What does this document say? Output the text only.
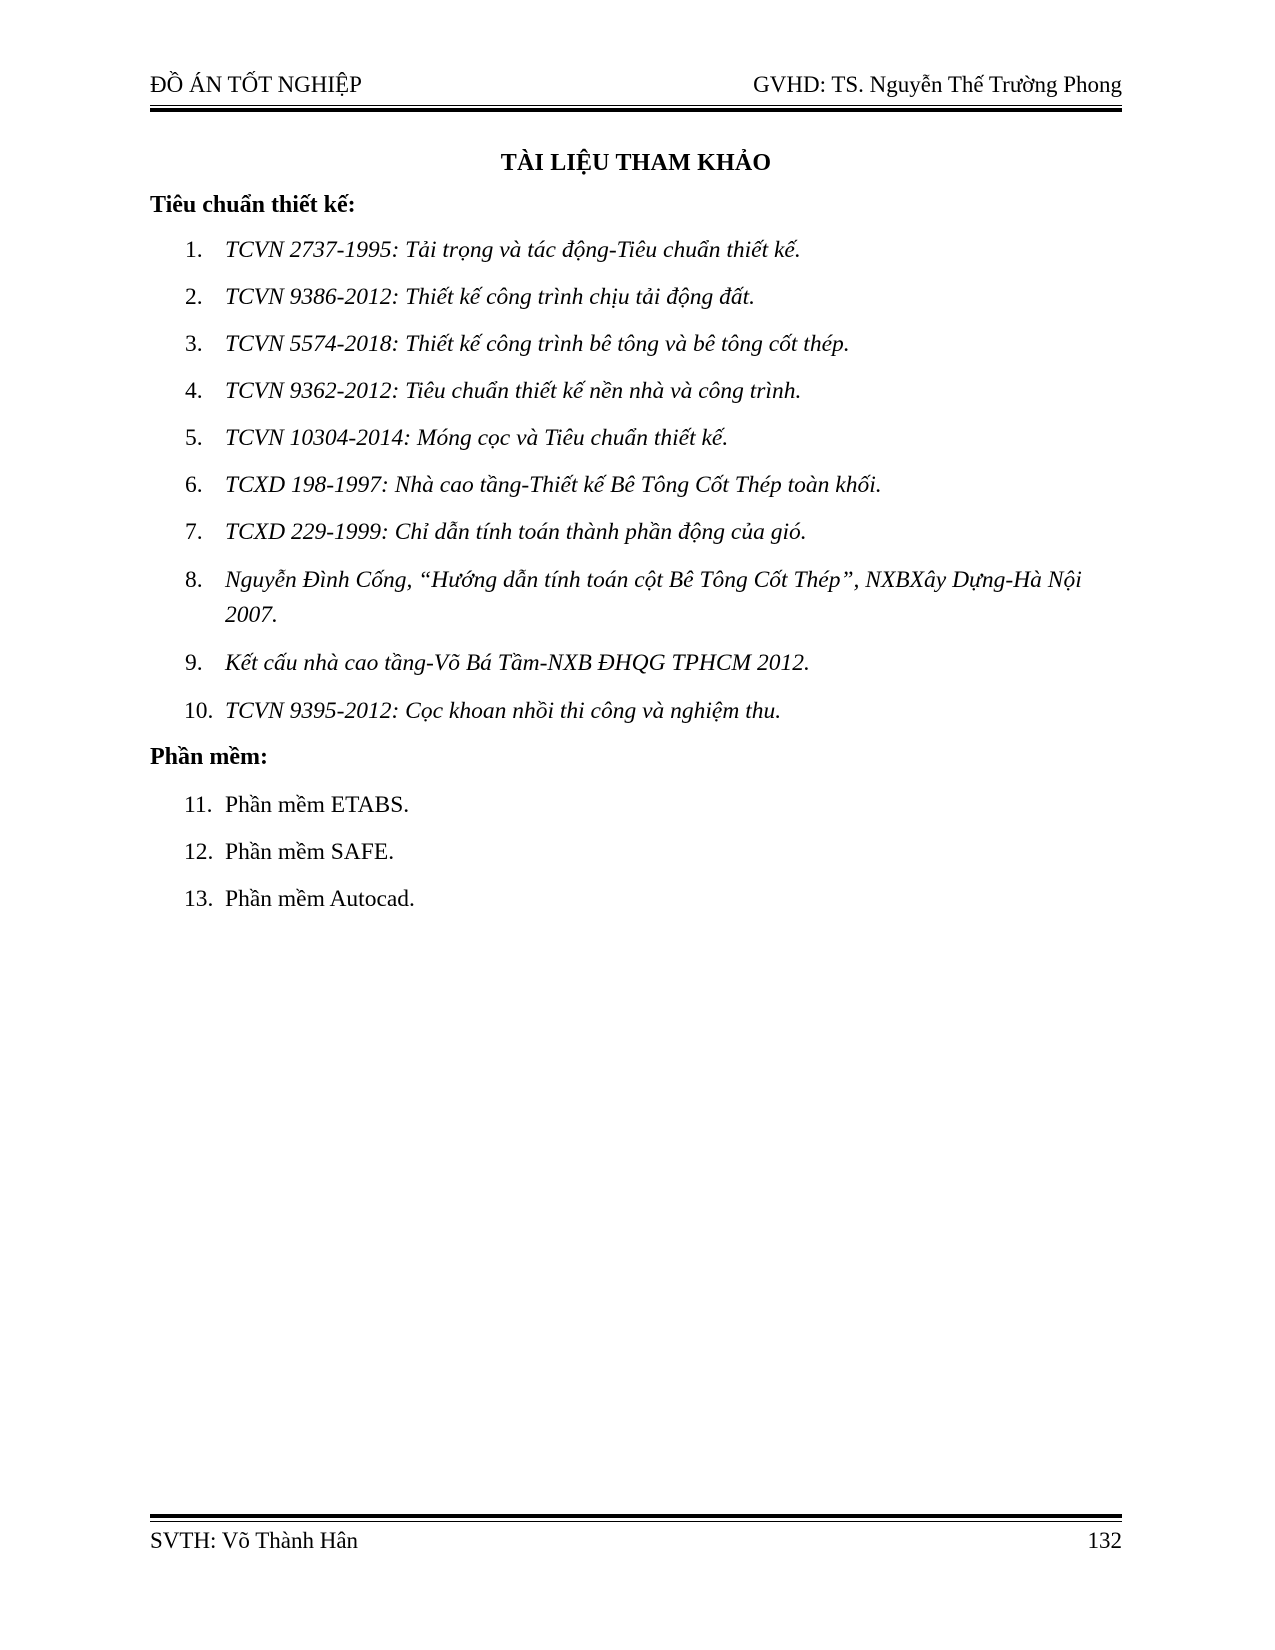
ĐỒ ÁN TỐT NGHIỆP	GVHD: TS. Nguyễn Thế Trường Phong
TÀI LIỆU THAM KHẢO
Tiêu chuẩn thiết kế:
1. TCVN 2737-1995: Tải trọng và tác động-Tiêu chuẩn thiết kế.
2. TCVN 9386-2012: Thiết kế công trình chịu tải động đất.
3. TCVN 5574-2018: Thiết kế công trình bê tông và bê tông cốt thép.
4. TCVN 9362-2012: Tiêu chuẩn thiết kế nền nhà và công trình.
5. TCVN 10304-2014: Móng cọc và Tiêu chuẩn thiết kế.
6. TCXD 198-1997: Nhà cao tầng-Thiết kế Bê Tông Cốt Thép toàn khối.
7. TCXD 229-1999: Chỉ dẫn tính toán thành phần động của gió.
8. Nguyễn Đình Cống, “Hướng dẫn tính toán cột Bê Tông Cốt Thép”, NXBXây Dựng-Hà Nội 2007.
9. Kết cấu nhà cao tầng-Võ Bá Tầm-NXB ĐHQG TPHCM 2012.
10. TCVN 9395-2012: Cọc khoan nhồi thi công và nghiệm thu.
Phần mềm:
11. Phần mềm ETABS.
12. Phần mềm SAFE.
13. Phần mềm Autocad.
SVTH: Võ Thành Hân	132
